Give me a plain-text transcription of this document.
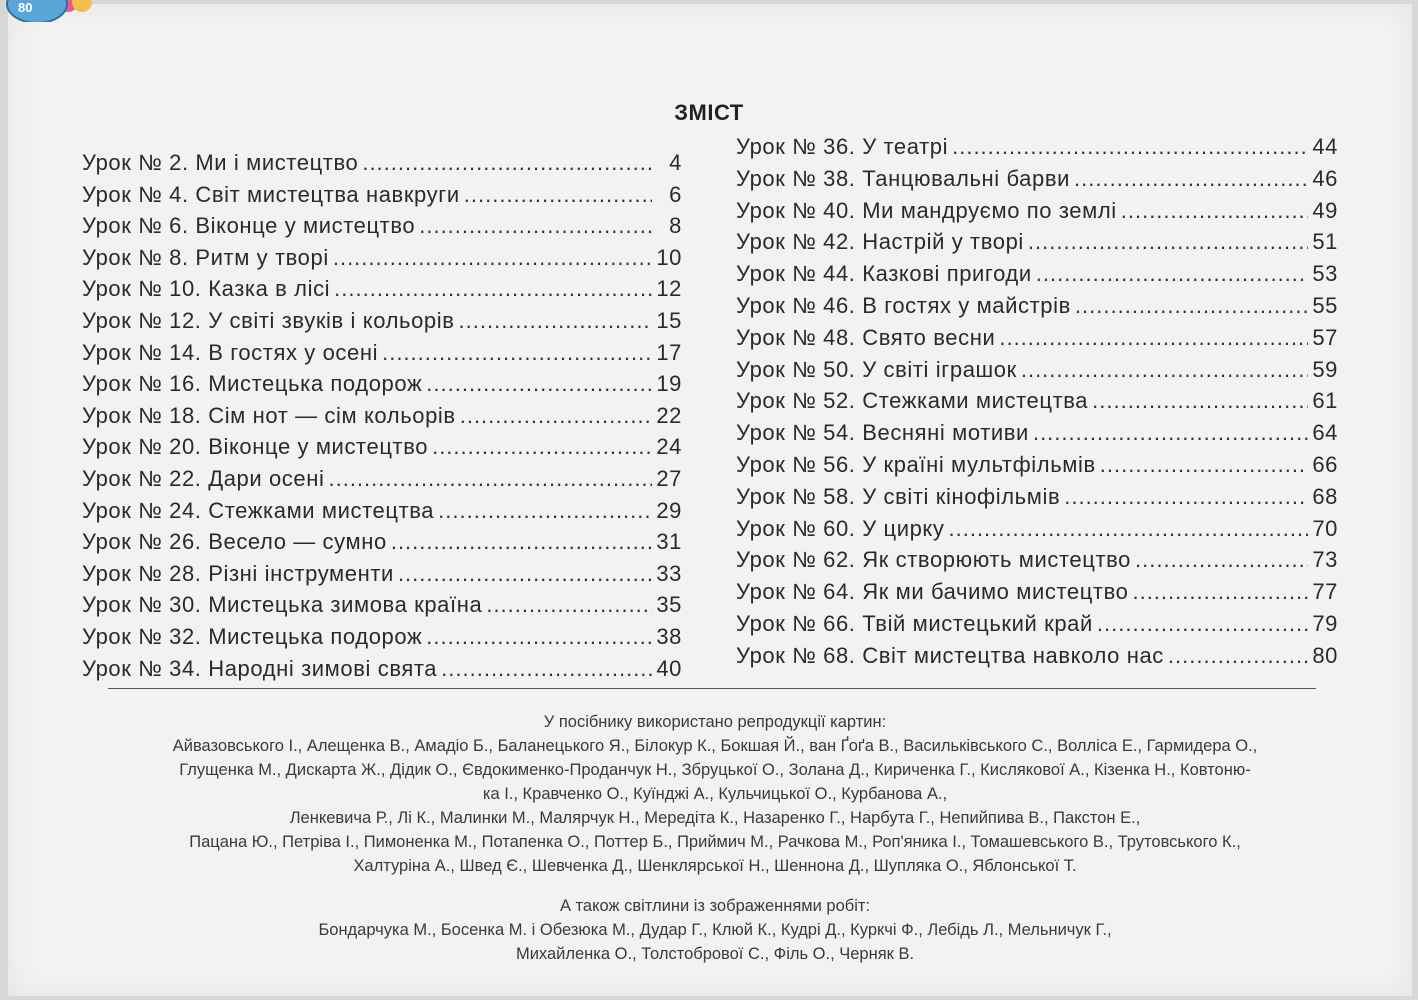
80
ЗМІСТ
Урок № 2. Ми і мистецтво .....	4
Урок № 4. Світ мистецтва навкруги .....	6
Урок № 6. Віконце у мистецтво .....	8
Урок № 8. Ритм у творі .....	10
Урок № 10. Казка в лісі .....	12
Урок № 12. У світі звуків і кольорів .....	15
Урок № 14. В гостях у осені .....	17
Урок № 16. Мистецька подорож .....	19
Урок № 18. Сім нот — сім кольорів .....	22
Урок № 20. Віконце у мистецтво .....	24
Урок № 22. Дари осені .....	27
Урок № 24. Стежками мистецтва .....	29
Урок № 26. Весело — сумно .....	31
Урок № 28. Різні інструменти .....	33
Урок № 30. Мистецька зимова країна .....	35
Урок № 32. Мистецька подорож .....	38
Урок № 34. Народні зимові свята .....	40
Урок № 36. У театрі .....	44
Урок № 38. Танцювальні барви .....	46
Урок № 40. Ми мандруємо по землі .....	49
Урок № 42. Настрій у творі .....	51
Урок № 44. Казкові пригоди .....	53
Урок № 46. В гостях у майстрів .....	55
Урок № 48. Свято весни .....	57
Урок № 50. У світі іграшок .....	59
Урок № 52. Стежками мистецтва .....	61
Урок № 54. Весняні мотиви .....	64
Урок № 56. У країні мультфільмів .....	66
Урок № 58. У світі кінофільмів .....	68
Урок № 60. У цирку .....	70
Урок № 62. Як створюють мистецтво .....	73
Урок № 64. Як ми бачимо мистецтво .....	77
Урок № 66. Твій мистецький край .....	79
Урок № 68. Світ мистецтва навколо нас .....	80
У посібнику використано репродукції картин:
Айвазовського І., Алещенка В., Амадіо Б., Баланецького Я., Білокур К., Бокшая Й., ван Ґоґа В., Васильківського С., Волліса Е., Гармидера О.,
Глущенка М., Дискарта Ж., Дідик О., Євдокименко-Проданчук Н., Збруцької О., Золана Д., Кириченка Г., Кислякової А., Кізенка Н., Ковтоню-
ка І., Кравченко О., Куїнджі А., Кульчицької О., Курбанова А.,
Ленкевича Р., Лі К., Малинки М., Малярчук Н., Мередіта К., Назаренко Г., Нарбута Г., Непийпива В., Пакстон Е.,
Пацана Ю., Петріва І., Пимоненка М., Потапенка О., Поттер Б., Приймич М., Рачкова М., Роп'яника І., Томашевського В., Трутовського К.,
Халтуріна А., Швед Є., Шевченка Д., Шенклярської Н., Шеннона Д., Шупляка О., Яблонської Т.
А також світлини із зображеннями робіт:
Бондарчука М., Босенка М. і Обезюка М., Дудар Г., Клюй К., Кудрі Д., Куркчі Ф., Лебідь Л., Мельничук Г.,
Михайленка О., Толстобрової С., Філь О., Черняк В.
